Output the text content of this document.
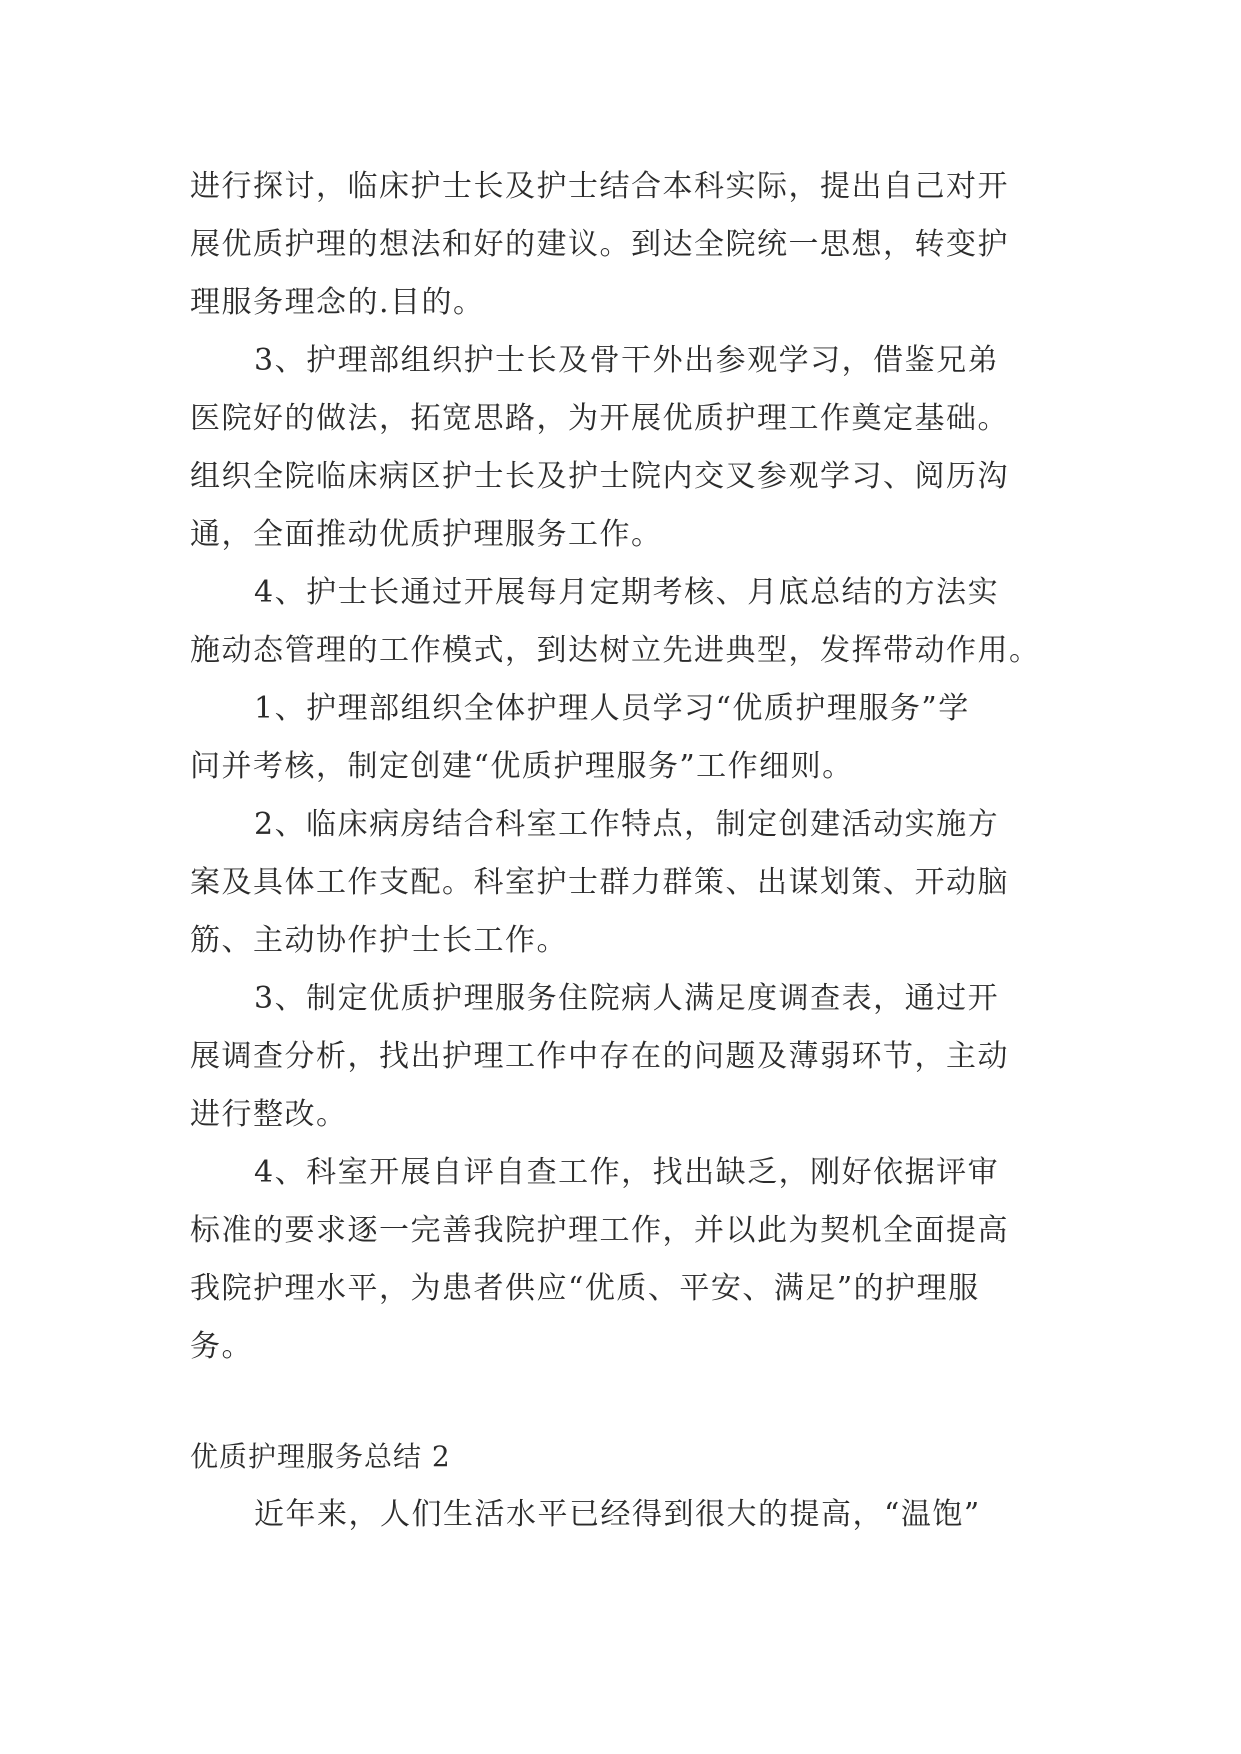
进行探讨，临床护士长及护士结合本科实际，提出自己对开
展优质护理的想法和好的建议。到达全院统一思想，转变护
理服务理念的.目的。
3、护理部组织护士长及骨干外出参观学习，借鉴兄弟
医院好的做法，拓宽思路，为开展优质护理工作奠定基础。
组织全院临床病区护士长及护士院内交叉参观学习、阅历沟
通，全面推动优质护理服务工作。
4、护士长通过开展每月定期考核、月底总结的方法实
施动态管理的工作模式，到达树立先进典型，发挥带动作用。
1、护理部组织全体护理人员学习“优质护理服务”学
问并考核，制定创建“优质护理服务”工作细则。
2、临床病房结合科室工作特点，制定创建活动实施方
案及具体工作支配。科室护士群力群策、出谋划策、开动脑
筋、主动协作护士长工作。
3、制定优质护理服务住院病人满足度调查表，通过开
展调查分析，找出护理工作中存在的问题及薄弱环节，主动
进行整改。
4、科室开展自评自查工作，找出缺乏，刚好依据评审
标准的要求逐一完善我院护理工作，并以此为契机全面提高
我院护理水平，为患者供应“优质、平安、满足”的护理服
务。
优质护理服务总结 2
近年来，人们生活水平已经得到很大的提高，“温饱”
